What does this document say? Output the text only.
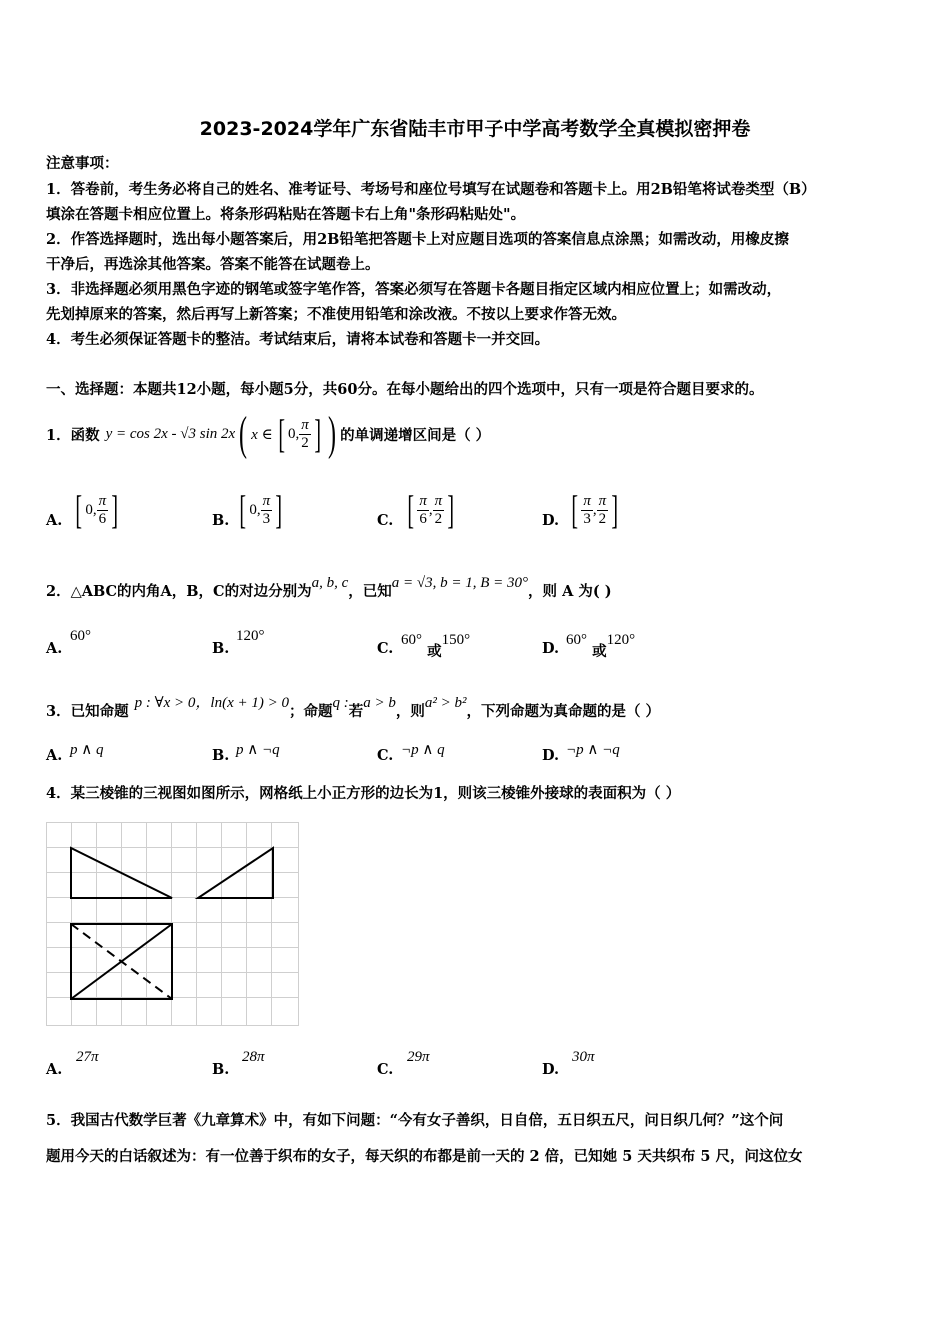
2023-2024学年广东省陆丰市甲子中学高考数学全真模拟密押卷
注意事项：
1．答卷前，考生务必将自己的姓名、准考证号、考场号和座位号填写在试题卷和答题卡上。用2B铅笔将试卷类型（B）
填涂在答题卡相应位置上。将条形码粘贴在答题卡右上角"条形码粘贴处"。
2．作答选择题时，选出每小题答案后，用2B铅笔把答题卡上对应题目选项的答案信息点涂黑；如需改动，用橡皮擦
干净后，再选涂其他答案。答案不能答在试题卷上。
3．非选择题必须用黑色字迹的钢笔或签字笔作答，答案必须写在答题卡各题目指定区域内相应位置上；如需改动，
先划掉原来的答案，然后再写上新答案；不准使用铅笔和涂改液。不按以上要求作答无效。
4．考生必须保证答题卡的整洁。考试结束后，请将本试卷和答题卡一并交回。
一、选择题：本题共12小题，每小题5分，共60分。在每小题给出的四个选项中，只有一项是符合题目要求的。
1．函数 y = cos 2x - √3 sin 2x ( x ∈ [ 0, $\frac{\pi}{2}$ ] ) 的单调递增区间是（ ）
A. [ 0, $\frac{\pi}{6}$ ]	B. [ 0, $\frac{\pi}{3}$ ]	C. [ $\frac{\pi}{6}$ , $\frac{\pi}{2}$ ]	D. [ $\frac{\pi}{3}$ , $\frac{\pi}{2}$ ]
2．△ABC的内角A，B，C的对边分别为a, b, c，已知a = √3, b = 1, B = 30°，则 A 为( )
A.
60°
B.
120°
C. 60° 或150°	D. 60° 或120°
3．已知命题 p : ∀x > 0，ln(x + 1) > 0；命题q :若a > b，则a² > b²，下列命题为真命题的是（ ）
A. p ∧ q	B. p ∧ ¬q	C. ¬p ∧ q	D. ¬p ∧ ¬q
4．某三棱锥的三视图如图所示，网格纸上小正方形的边长为1，则该三棱锥外接球的表面积为（ ）
A.
27π
B.
28π
C.
29π
D.
30π
5．我国古代数学巨著《九章算术》中，有如下问题：“今有女子善织，日自倍，五日织五尺，问日织几何？”这个问
题用今天的白话叙述为：有一位善于织布的女子，每天织的布都是前一天的 2 倍，已知她 5 天共织布 5 尺，问这位女
